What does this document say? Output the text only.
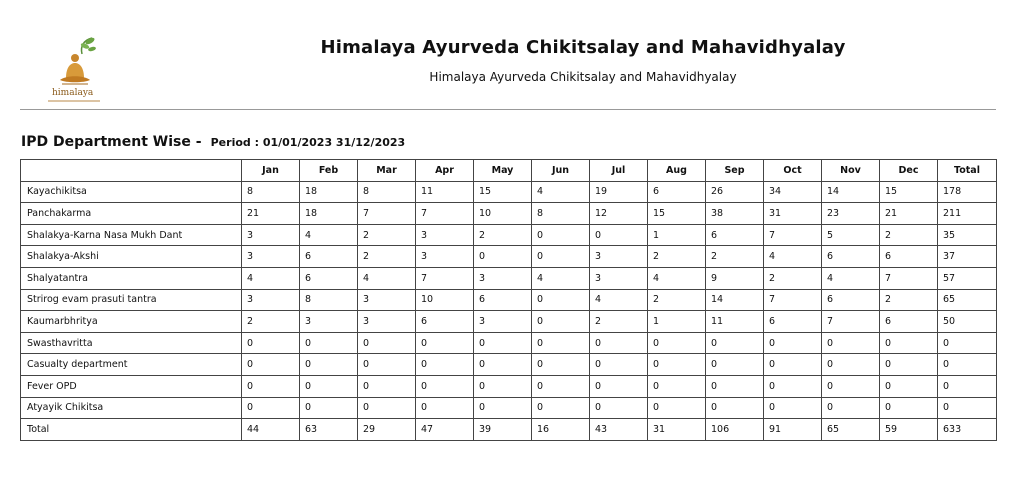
himalaya
Himalaya Ayurveda Chikitsalay and Mahavidhyalay
Himalaya Ayurveda Chikitsalay and Mahavidhyalay
IPD Department Wise - Period : 01/01/2023 31/12/2023
	Jan	Feb	Mar	Apr	May	Jun	Jul	Aug	Sep	Oct	Nov	Dec	Total
Kayachikitsa	8	18	8	11	15	4	19	6	26	34	14	15	178
Panchakarma	21	18	7	7	10	8	12	15	38	31	23	21	211
Shalakya-Karna Nasa Mukh Dant	3	4	2	3	2	0	0	1	6	7	5	2	35
Shalakya-Akshi	3	6	2	3	0	0	3	2	2	4	6	6	37
Shalyatantra	4	6	4	7	3	4	3	4	9	2	4	7	57
Strirog evam prasuti tantra	3	8	3	10	6	0	4	2	14	7	6	2	65
Kaumarbhritya	2	3	3	6	3	0	2	1	11	6	7	6	50
Swasthavritta	0	0	0	0	0	0	0	0	0	0	0	0	0
Casualty department	0	0	0	0	0	0	0	0	0	0	0	0	0
Fever OPD	0	0	0	0	0	0	0	0	0	0	0	0	0
Atyayik Chikitsa	0	0	0	0	0	0	0	0	0	0	0	0	0
Total	44	63	29	47	39	16	43	31	106	91	65	59	633
